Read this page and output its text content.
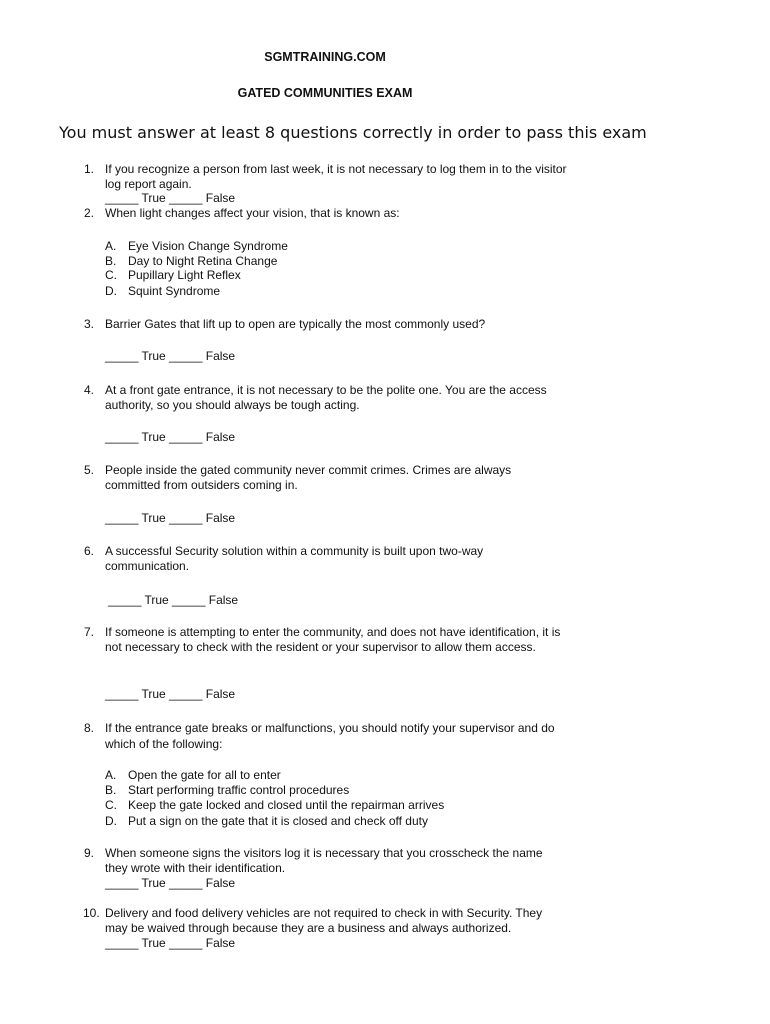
SGMTRAINING.COM
GATED COMMUNITIES EXAM
You must answer at least 8 questions correctly in order to pass this exam
1. If you recognize a person from last week, it is not necessary to log them in to the visitor
log report again.
_____ True _____ False
2. When light changes affect your vision, that is known as:
A. Eye Vision Change Syndrome
B. Day to Night Retina Change
C. Pupillary Light Reflex
D. Squint Syndrome
3. Barrier Gates that lift up to open are typically the most commonly used?
_____ True _____ False
4. At a front gate entrance, it is not necessary to be the polite one. You are the access
authority, so you should always be tough acting.
_____ True _____ False
5. People inside the gated community never commit crimes. Crimes are always
committed from outsiders coming in.
_____ True _____ False
6. A successful Security solution within a community is built upon two-way
communication.
_____ True _____ False
7. If someone is attempting to enter the community, and does not have identification, it is
not necessary to check with the resident or your supervisor to allow them access.
_____ True _____ False
8. If the entrance gate breaks or malfunctions, you should notify your supervisor and do
which of the following:
A. Open the gate for all to enter
B. Start performing traffic control procedures
C. Keep the gate locked and closed until the repairman arrives
D. Put a sign on the gate that it is closed and check off duty
9. When someone signs the visitors log it is necessary that you crosscheck the name
they wrote with their identification.
_____ True _____ False
10. Delivery and food delivery vehicles are not required to check in with Security. They
may be waived through because they are a business and always authorized.
_____ True _____ False
